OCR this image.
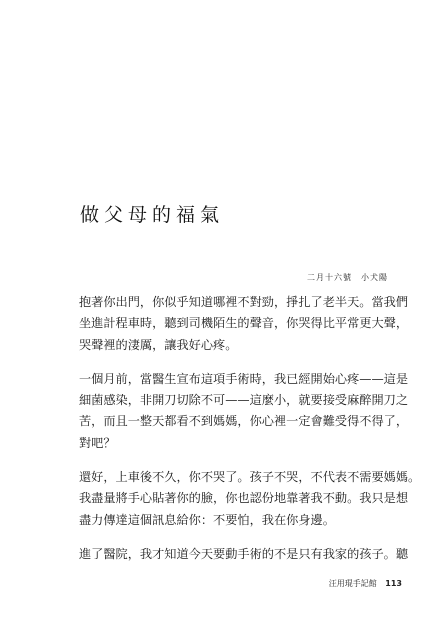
做父母的福氣
二月十六號　小犬陽

抱著你出門，你似乎知道哪裡不對勁，掙扎了老半天。當我們
坐進計程車時，聽到司機陌生的聲音，你哭得比平常更大聲，
哭聲裡的淒厲，讓我好心疼。

一個月前，當醫生宣布這項手術時，我已經開始心疼——這是
細菌感染，非開刀切除不可——這麼小，就要接受麻醉開刀之
苦，而且一整天都看不到媽媽，你心裡一定會難受得不得了，
對吧？

還好，上車後不久，你不哭了。孩子不哭，不代表不需要媽媽。
我盡量將手心貼著你的臉，你也認份地靠著我不動。我只是想
盡力傳達這個訊息給你：不要怕，我在你身邊。

進了醫院，我才知道今天要動手術的不是只有我家的孩子。聽

汪用琨手記館 113
